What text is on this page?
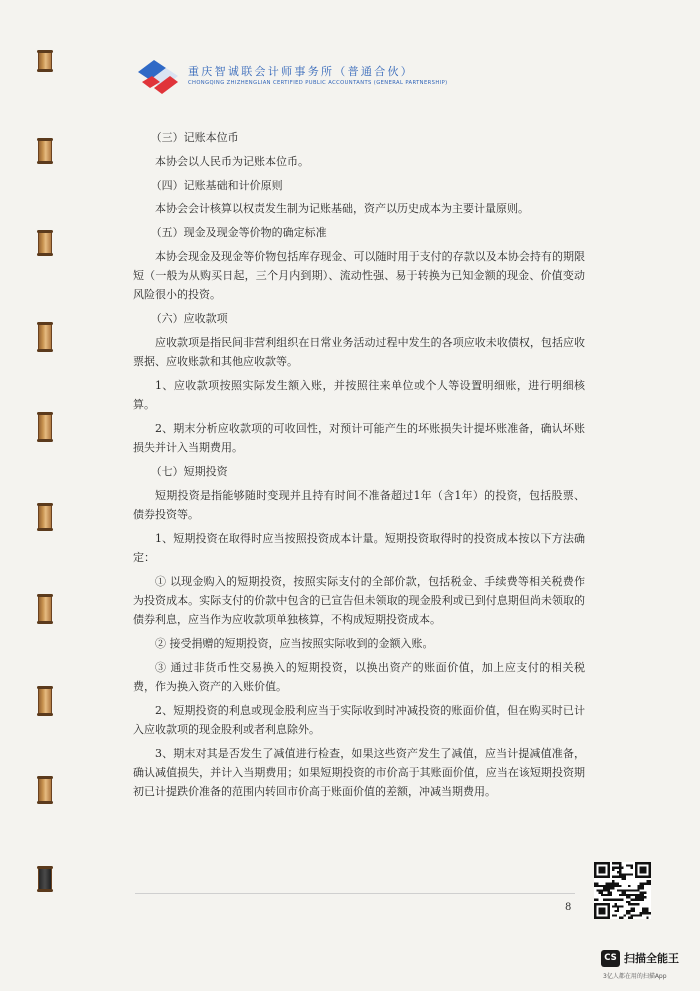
重庆智诚联会计师事务所（普通合伙）
CHONGQING ZHIZHENGLIAN CERTIFIED PUBLIC ACCOUNTANTS (GENERAL PARTNERSHIP)

（三）记账本位币

本协会以人民币为记账本位币。

（四）记账基础和计价原则

本协会会计核算以权责发生制为记账基础，资产以历史成本为主要计量原则。

（五）现金及现金等价物的确定标准

本协会现金及现金等价物包括库存现金、可以随时用于支付的存款以及本协会持有的期限短（一般为从购买日起，三个月内到期）、流动性强、易于转换为已知金额的现金、价值变动风险很小的投资。

（六）应收款项

应收款项是指民间非营利组织在日常业务活动过程中发生的各项应收未收债权，包括应收票据、应收账款和其他应收款等。

1、应收款项按照实际发生额入账，并按照往来单位或个人等设置明细账，进行明细核算。

2、期末分析应收款项的可收回性，对预计可能产生的坏账损失计提坏账准备，确认坏账损失并计入当期费用。

（七）短期投资

短期投资是指能够随时变现并且持有时间不准备超过1年（含1年）的投资，包括股票、债券投资等。

1、短期投资在取得时应当按照投资成本计量。短期投资取得时的投资成本按以下方法确定：

① 以现金购入的短期投资，按照实际支付的全部价款，包括税金、手续费等相关税费作为投资成本。实际支付的价款中包含的已宣告但未领取的现金股利或已到付息期但尚未领取的债券利息，应当作为应收款项单独核算，不构成短期投资成本。

② 接受捐赠的短期投资，应当按照实际收到的金额入账。

③ 通过非货币性交易换入的短期投资，以换出资产的账面价值，加上应支付的相关税费，作为换入资产的入账价值。

2、短期投资的利息或现金股利应当于实际收到时冲减投资的账面价值，但在购买时已计入应收款项的现金股利或者利息除外。

3、期末对其是否发生了减值进行检查，如果这些资产发生了减值，应当计提减值准备，确认减值损失，并计入当期费用；如果短期投资的市价高于其账面价值，应当在该短期投资期初已计提跌价准备的范围内转回市价高于账面价值的差额，冲减当期费用。

8
CS 扫描全能王
3亿人都在用的扫描App
